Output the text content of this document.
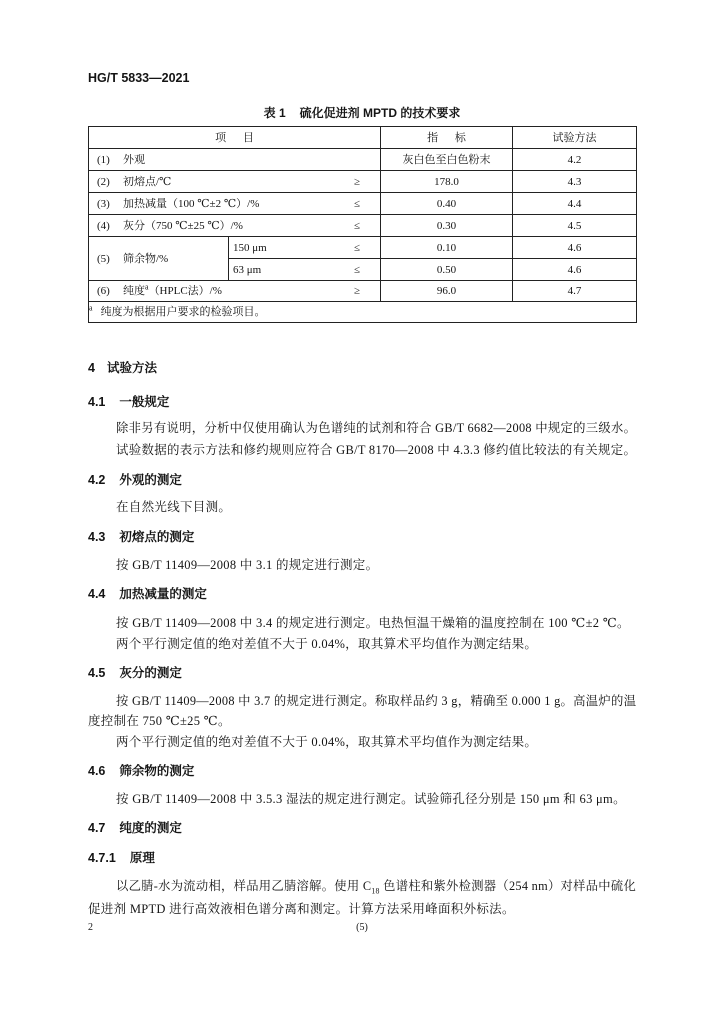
HG/T 5833—2021
表 1 硫化促进剂 MPTD 的技术要求
项 目		指 标	试验方法

(1) 外观		灰白色至白色粉末	4.2

(2) 初熔点/℃ ≥		178.0	4.3

(3) 加热减量（100 ℃±2 ℃）/% ≤		0.40	4.4

(4) 灰分（750 ℃±25 ℃）/% ≤		0.30	4.5

(5) 筛余物/%	150 μm ≤	0.10	4.6

	63 μm ≤	0.50	4.6

(6) 纯度$^a$（HPLC法）/% ≥		96.0	4.7
$^a$ 纯度为根据用户要求的检验项目。			
4 试验方法
4.1 一般规定
除非另有说明，分析中仅使用确认为色谱纯的试剂和符合 GB/T 6682—2008 中规定的三级水。
试验数据的表示方法和修约规则应符合 GB/T 8170—2008 中 4.3.3 修约值比较法的有关规定。
4.2 外观的测定
在自然光线下目测。
4.3 初熔点的测定
按 GB/T 11409—2008 中 3.1 的规定进行测定。
4.4 加热减量的测定
按 GB/T 11409—2008 中 3.4 的规定进行测定。电热恒温干燥箱的温度控制在 100 ℃±2 ℃。
两个平行测定值的绝对差值不大于 0.04%，取其算术平均值作为测定结果。
4.5 灰分的测定
按 GB/T 11409—2008 中 3.7 的规定进行测定。称取样品约 3 g，精确至 0.000 1 g。高温炉的温
度控制在 750 ℃±25 ℃。
两个平行测定值的绝对差值不大于 0.04%，取其算术平均值作为测定结果。
4.6 筛余物的测定
按 GB/T 11409—2008 中 3.5.3 湿法的规定进行测定。试验筛孔径分别是 150 μm 和 63 μm。
4.7 纯度的测定
4.7.1 原理
以乙腈-水为流动相，样品用乙腈溶解。使用 $C_{18}$ 色谱柱和紫外检测器（254 nm）对样品中硫化
促进剂 MPTD 进行高效液相色谱分离和测定。计算方法采用峰面积外标法。
2	(5)
